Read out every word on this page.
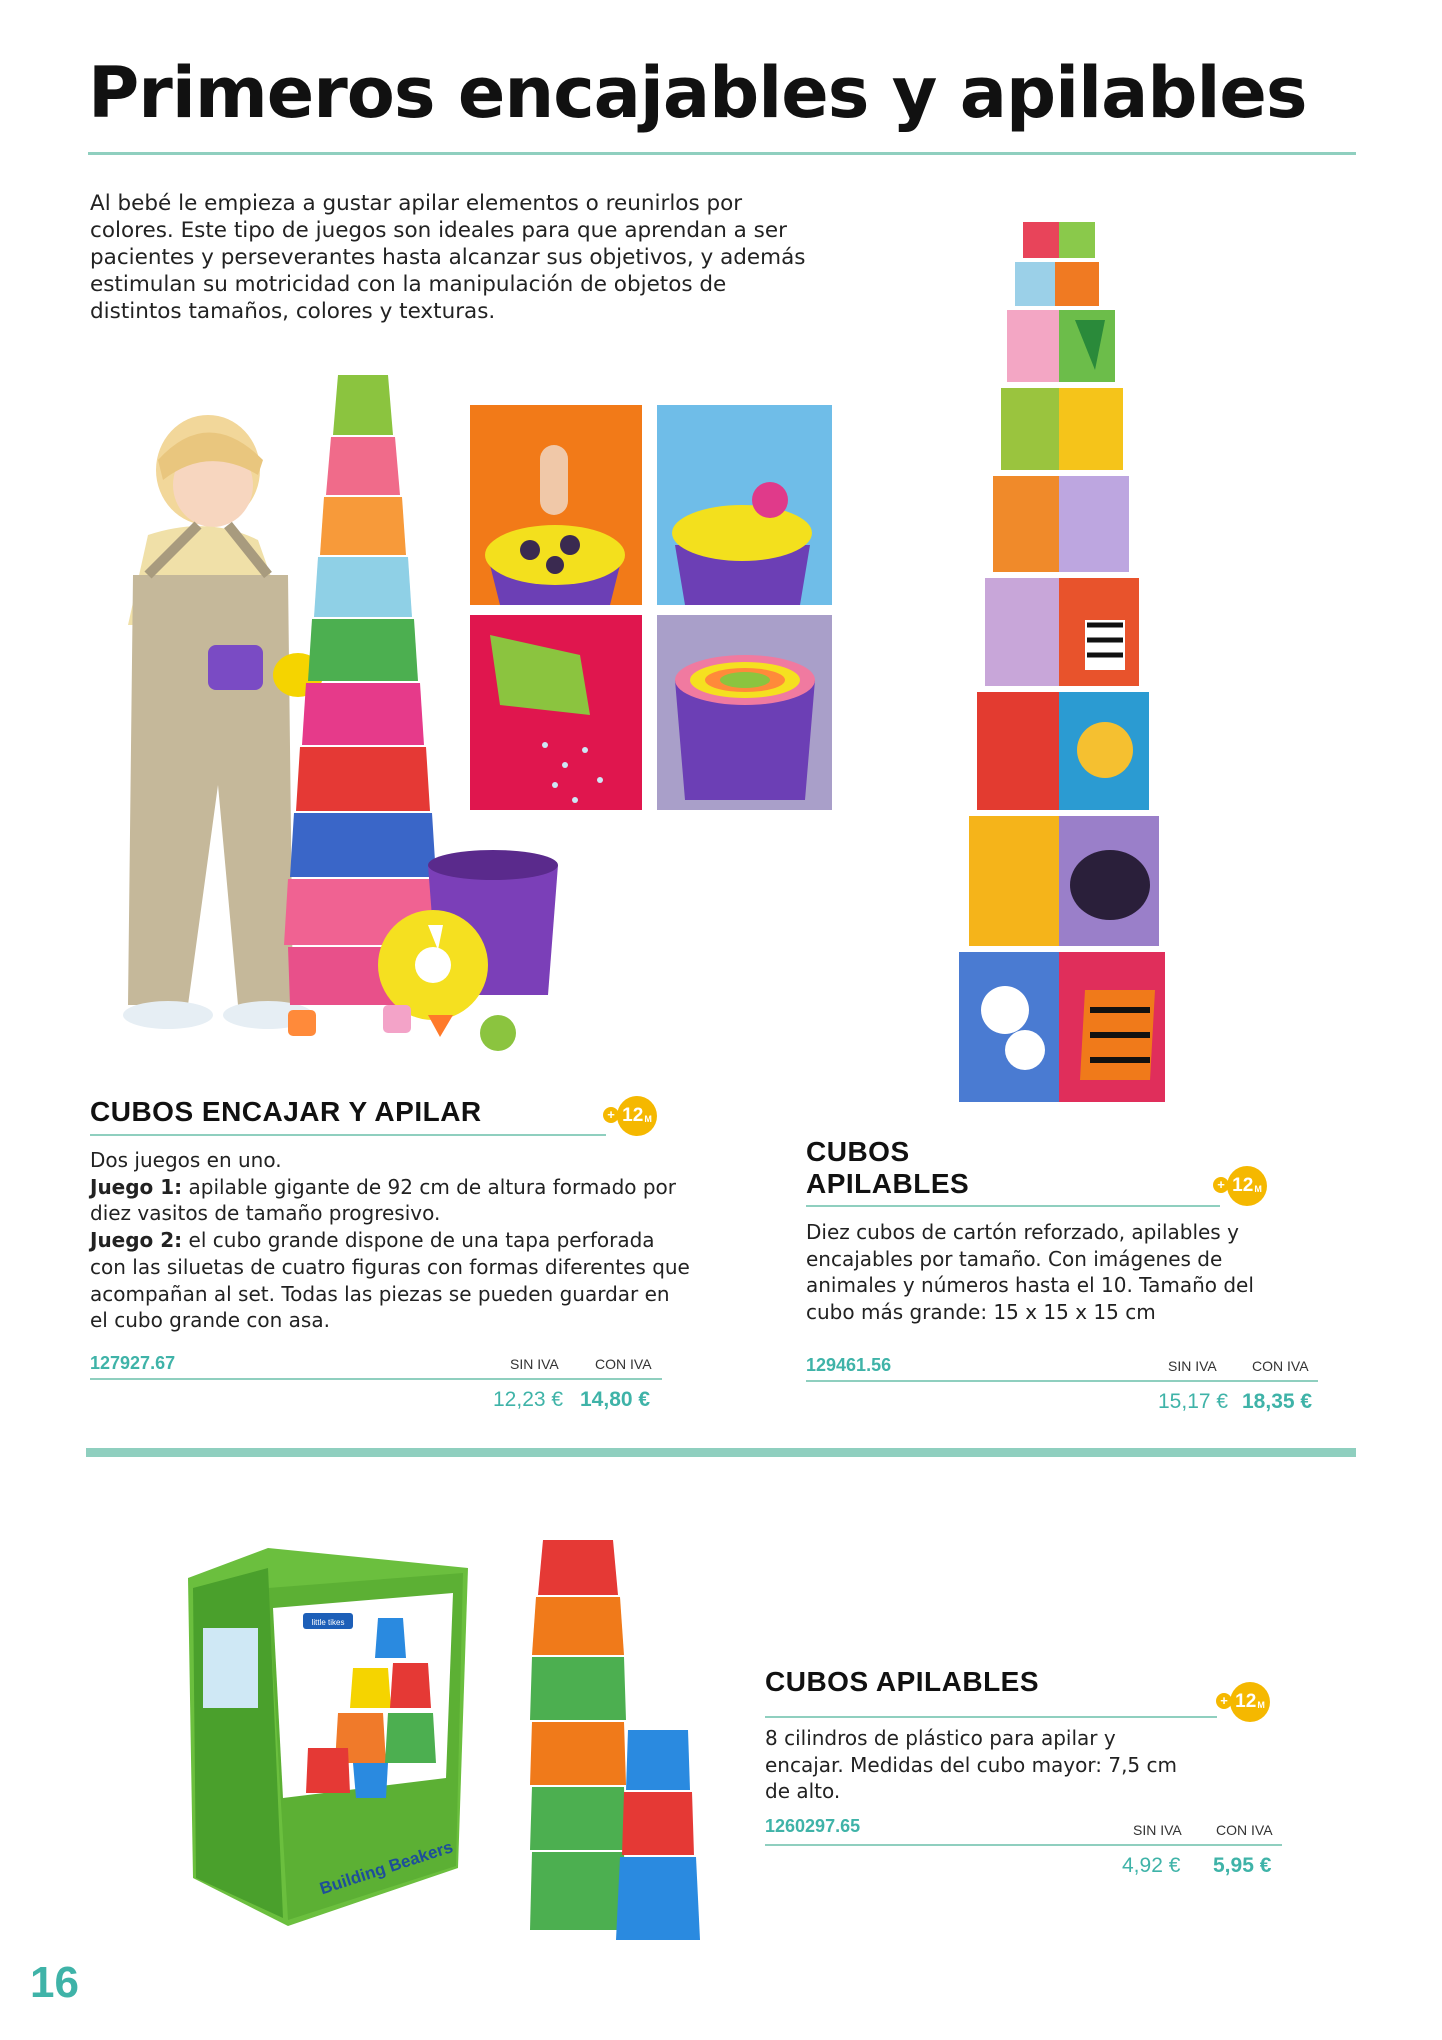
Primeros encajables y apilables

Al bebé le empieza a gustar apilar elementos o reunirlos por colores. Este tipo de juegos son ideales para que aprendan a ser pacientes y perseverantes hasta alcanzar sus objetivos, y además estimulan su motricidad con la manipulación de objetos de distintos tamaños, colores y texturas.

CUBOS ENCAJAR Y APILAR	+ 12 M
Dos juegos en uno.
Juego 1: apilable gigante de 92 cm de altura formado por diez vasitos de tamaño progresivo.
Juego 2: el cubo grande dispone de una tapa perforada con las siluetas de cuatro figuras con formas diferentes que acompañan al set. Todas las piezas se pueden guardar en el cubo grande con asa.
127927.67	SIN IVA	CON IVA
12,23 € 14,80 €
CUBOS
APILABLES	+ 12 M

Diez cubos de cartón reforzado, apilables y encajables por tamaño. Con imágenes de animales y números hasta el 10. Tamaño del cubo más grande: 15 x 15 x 15 cm

129461.56	SIN IVA	CON IVA
15,17 € 18,35 €
little tikes
Building Beakers
CUBOS APILABLES
+ 12 M

8 cilindros de plástico para apilar y encajar. Medidas del cubo mayor: 7,5 cm de alto.

1260297.65	SIN IVA CON IVA
4,92 € 5,95 €
16
